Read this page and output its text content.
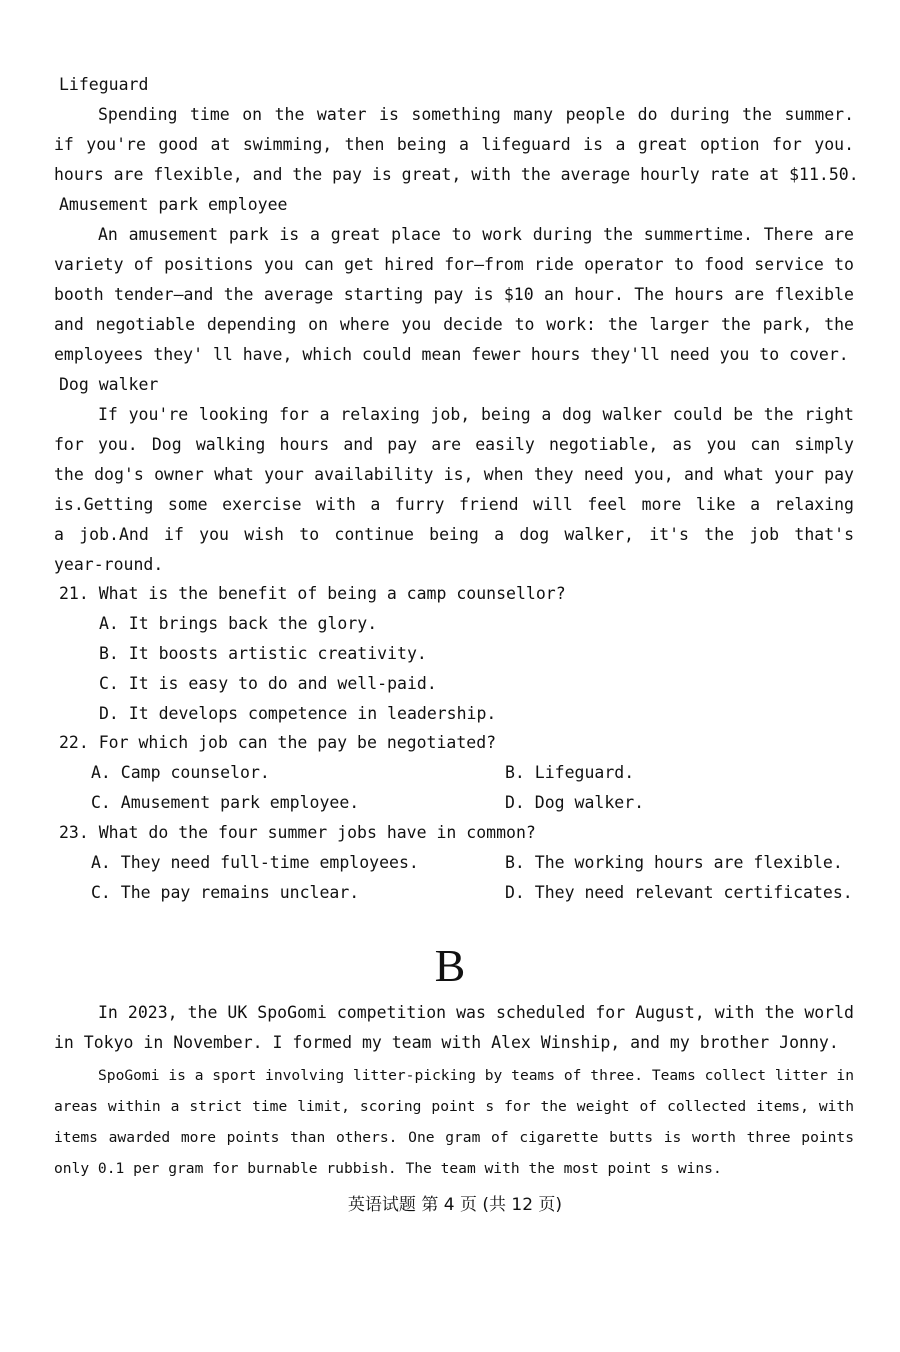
Lifeguard
Spending time on the water is something many people do during the summer.
if you're good at swimming, then being a lifeguard is a great option for you.
hours are flexible, and the pay is great, with the average hourly rate at $11.50.
Amusement park employee
An amusement park is a great place to work during the summertime. There are
variety of positions you can get hired for—from ride operator to food service to
booth tender—and the average starting pay is $10 an hour. The hours are flexible
and negotiable depending on where you decide to work: the larger the park, the
employees they' ll have, which could mean fewer hours they'll need you to cover.
Dog walker
If you're looking for a relaxing job, being a dog walker could be the right
for you. Dog walking hours and pay are easily negotiable, as you can simply
the dog's owner what your availability is, when they need you, and what your pay
is.Getting some exercise with a furry friend will feel more like a relaxing
a job.And if you wish to continue being a dog walker, it's the job that's
year-round.
21. What is the benefit of being a camp counsellor?
A. It brings back the glory.
B. It boosts artistic creativity.
C. It is easy to do and well-paid.
D. It develops competence in leadership.
22. For which job can the pay be negotiated?
A. Camp counselor.	B. Lifeguard.
C. Amusement park employee.	D. Dog walker.
23. What do the four summer jobs have in common?
A. They need full-time employees.	B. The working hours are flexible.
C. The pay remains unclear.	D. They need relevant certificates.
B
In 2023, the UK SpoGomi competition was scheduled for August, with the world
in Tokyo in November. I formed my team with Alex Winship, and my brother Jonny.
SpoGomi is a sport involving litter-picking by teams of three. Teams collect litter in
areas within a strict time limit, scoring point s for the weight of collected items, with
items awarded more points than others. One gram of cigarette butts is worth three points
only 0.1 per gram for burnable rubbish. The team with the most point s wins.
英语试题 第 4 页 (共 12 页)
